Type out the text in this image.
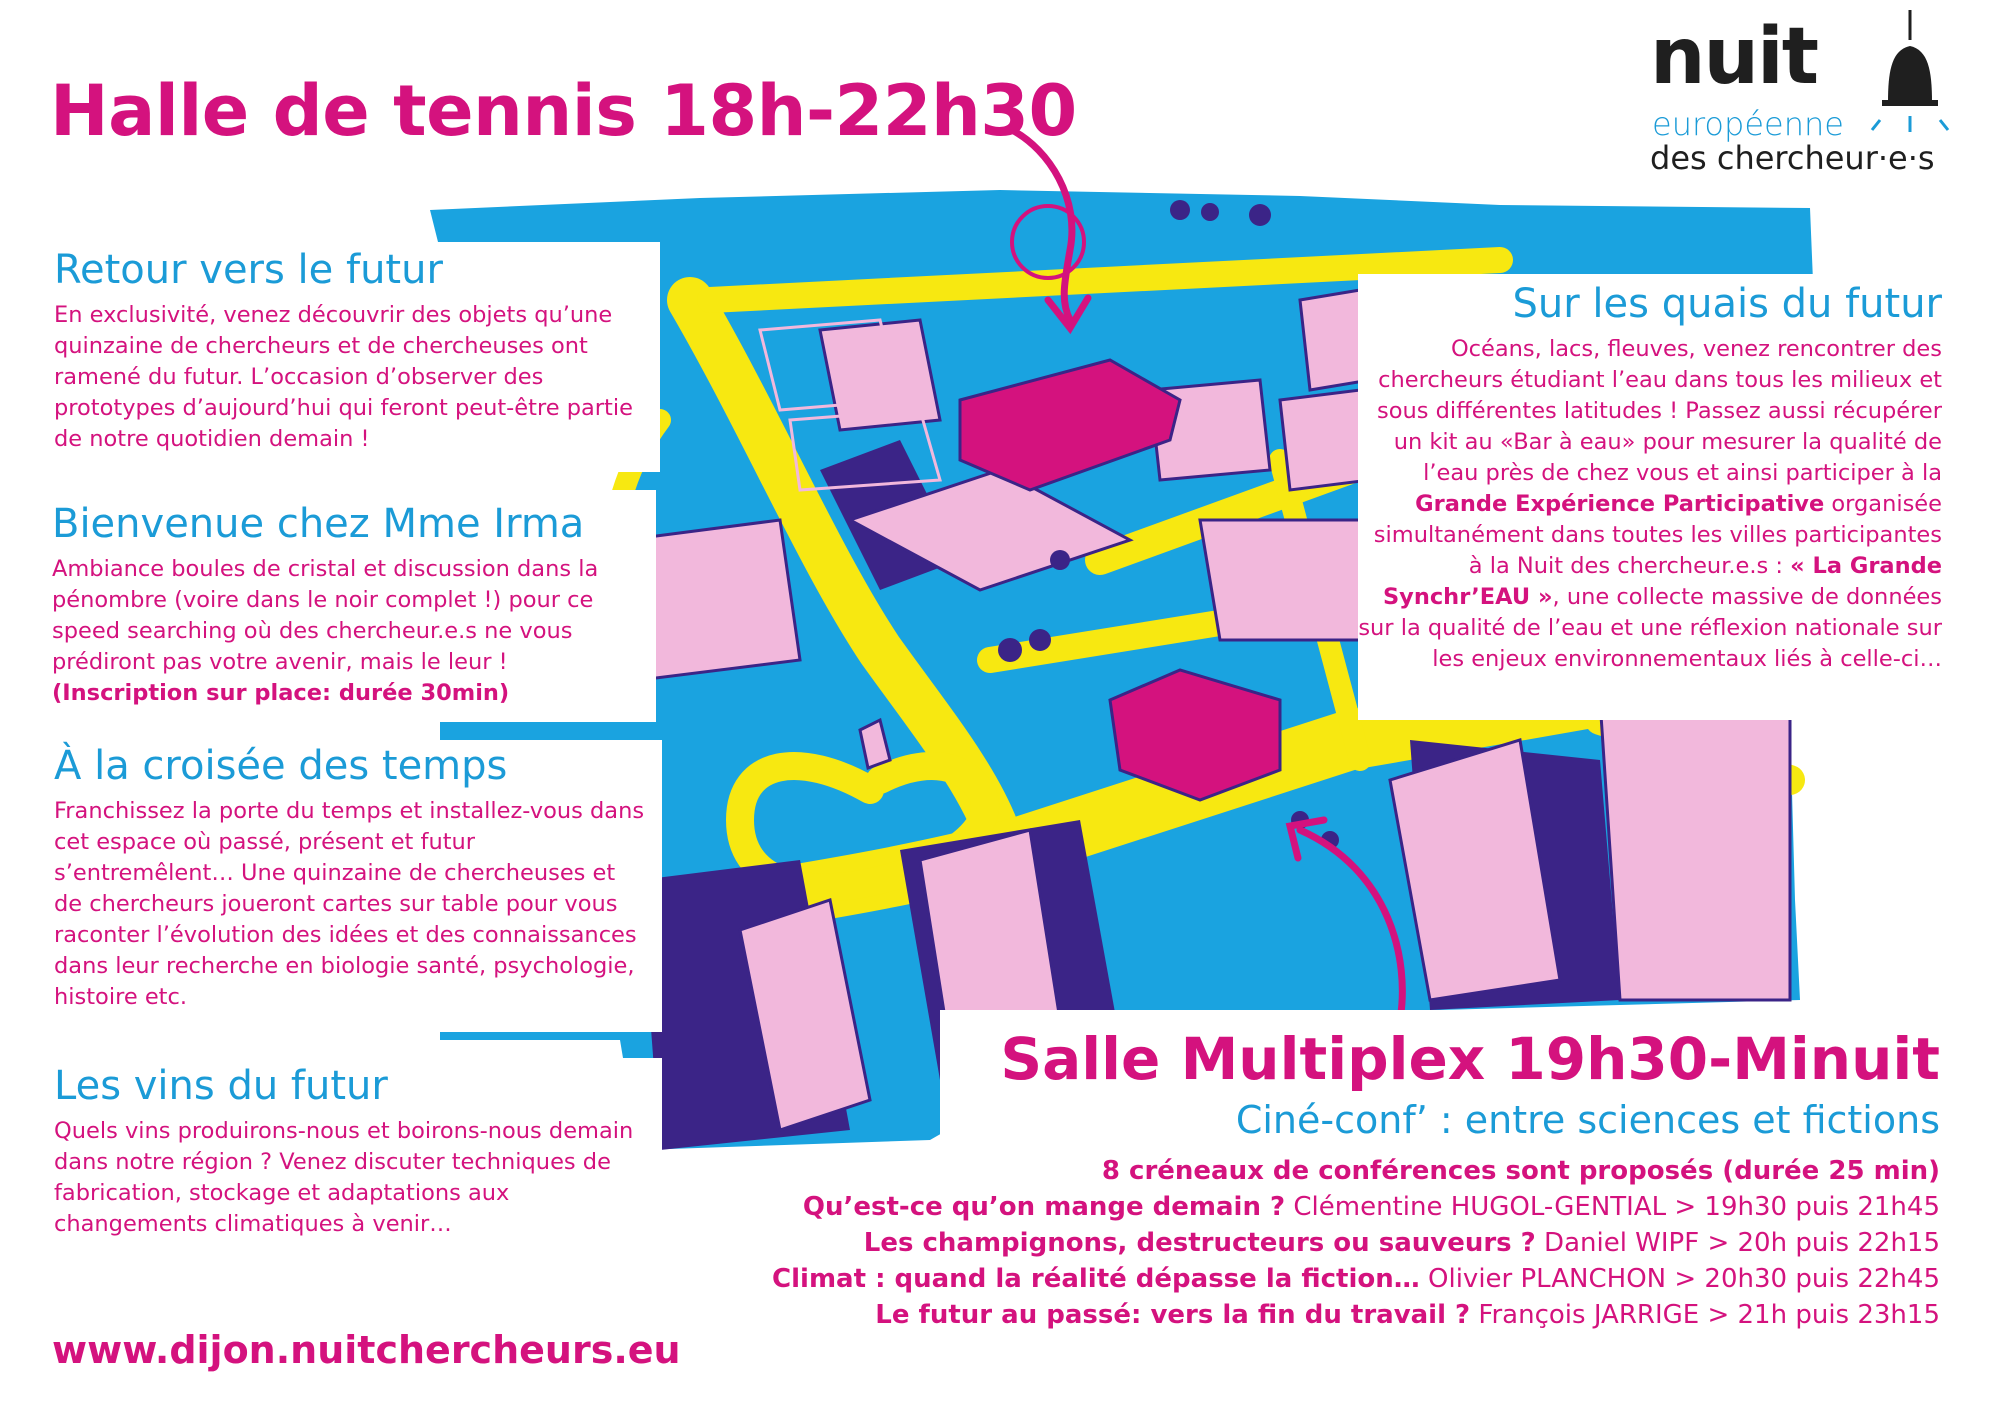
Halle de tennis 18h-22h30
nuit
européenne
des chercheur·e·s
Retour vers le futur

En exclusivité, venez découvrir des objets qu’une quinzaine de chercheurs et de chercheuses ont ramené du futur. L’occasion d’observer des prototypes d’aujourd’hui qui feront peut-être partie de notre quotidien demain !

Bienvenue chez Mme Irma

Ambiance boules de cristal et discussion dans la pénombre (voire dans le noir complet !) pour ce speed searching où des chercheur.e.s ne vous prédiront pas votre avenir, mais le leur !

(Inscription sur place: durée 30min)

À la croisée des temps

Franchissez la porte du temps et installez-vous dans cet espace où passé, présent et futur s’entremêlent… Une quinzaine de chercheuses et de chercheurs joueront cartes sur table pour vous raconter l’évolution des idées et des connaissances dans leur recherche en biologie santé, psychologie, histoire etc.

Les vins du futur

Quels vins produirons-nous et boirons-nous demain dans notre région ? Venez discuter techniques de fabrication, stockage et adaptations aux changements climatiques à venir…

Sur les quais du futur

Océans, lacs, fleuves, venez rencontrer des chercheurs étudiant l’eau dans tous les milieux et sous différentes latitudes ! Passez aussi récupérer un kit au «Bar à eau» pour mesurer la qualité de l’eau près de chez vous et ainsi participer à la Grande Expérience Participative organisée simultanément dans toutes les villes participantes à la Nuit des chercheur.e.s : « La Grande Synchr’EAU », une collecte massive de données sur la qualité de l’eau et une réflexion nationale sur les enjeux environnementaux liés à celle-ci…

Salle Multiplex 19h30-Minuit

Ciné-conf’ : entre sciences et fictions

8 créneaux de conférences sont proposés (durée 25 min)
Qu’est-ce qu’on mange demain ? Clémentine HUGOL-GENTIAL > 19h30 puis 21h45
Les champignons, destructeurs ou sauveurs ? Daniel WIPF > 20h puis 22h15
Climat : quand la réalité dépasse la fiction… Olivier PLANCHON > 20h30 puis 22h45
Le futur au passé: vers la fin du travail ? François JARRIGE > 21h puis 23h15

www.dijon.nuitchercheurs.eu
